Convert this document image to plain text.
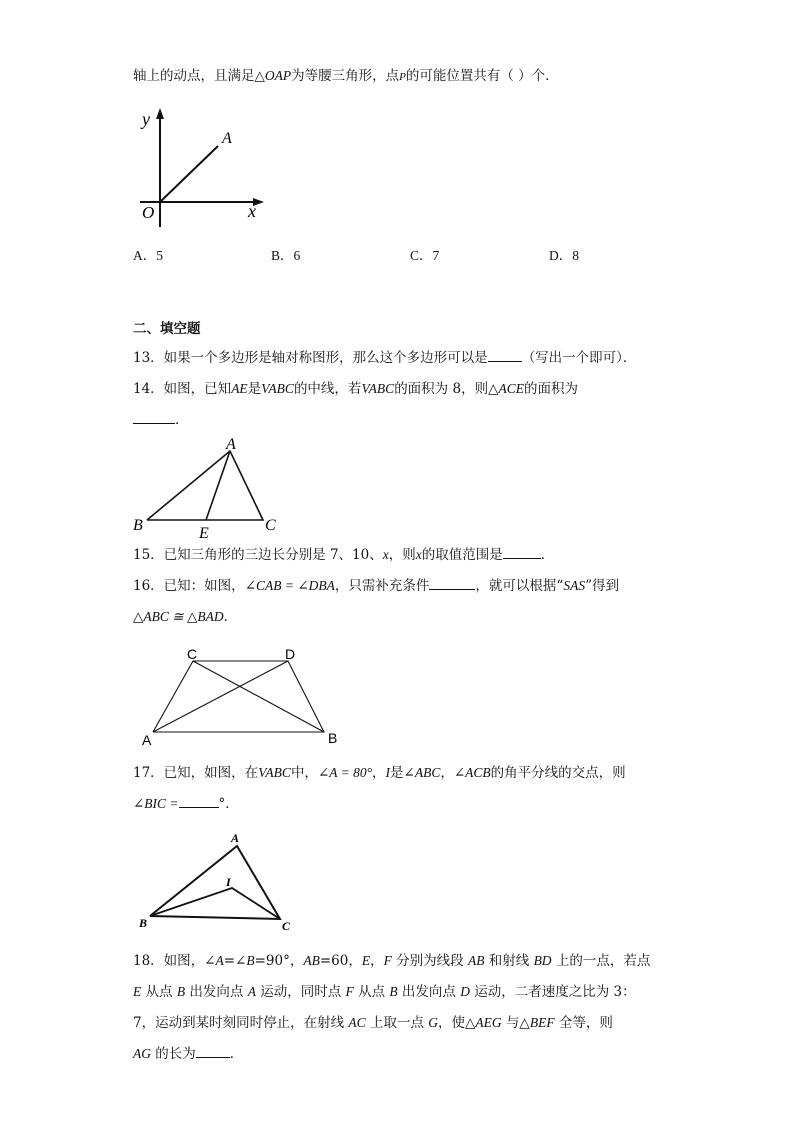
轴上的动点，且满足△OAP为等腰三角形，点P的可能位置共有（ ）个．
y
A
O	x
A．5	B．6	C．7	D．8
二、填空题
13．如果一个多边形是轴对称图形，那么这个多边形可以是	（写出一个即可）．
14．如图，已知AE是VABC的中线，若VABC的面积为 8，则△ACE的面积为
．
A
B	E	C
15．已知三角形的三边长分别是 7、10、x，则x的取值范围是	．
16．已知：如图，∠CAB = ∠DBA，只需补充条件	，就可以根据“SAS”得到
△ABC ≅ △BAD．
C	D
A	B
17．已知，如图，在VABC中，∠A = 80°，I是∠ABC，∠ACB的角平分线的交点，则
∠BIC =	°．
A
I
B	C
18．如图，∠A=∠B=90°，AB=60，E，F 分别为线段 AB 和射线 BD 上的一点，若点
E 从点 B 出发向点 A 运动，同时点 F 从点 B 出发向点 D 运动，二者速度之比为 3：
7，运动到某时刻同时停止，在射线 AC 上取一点 G，使△AEG 与△BEF 全等，则
AG 的长为	．
